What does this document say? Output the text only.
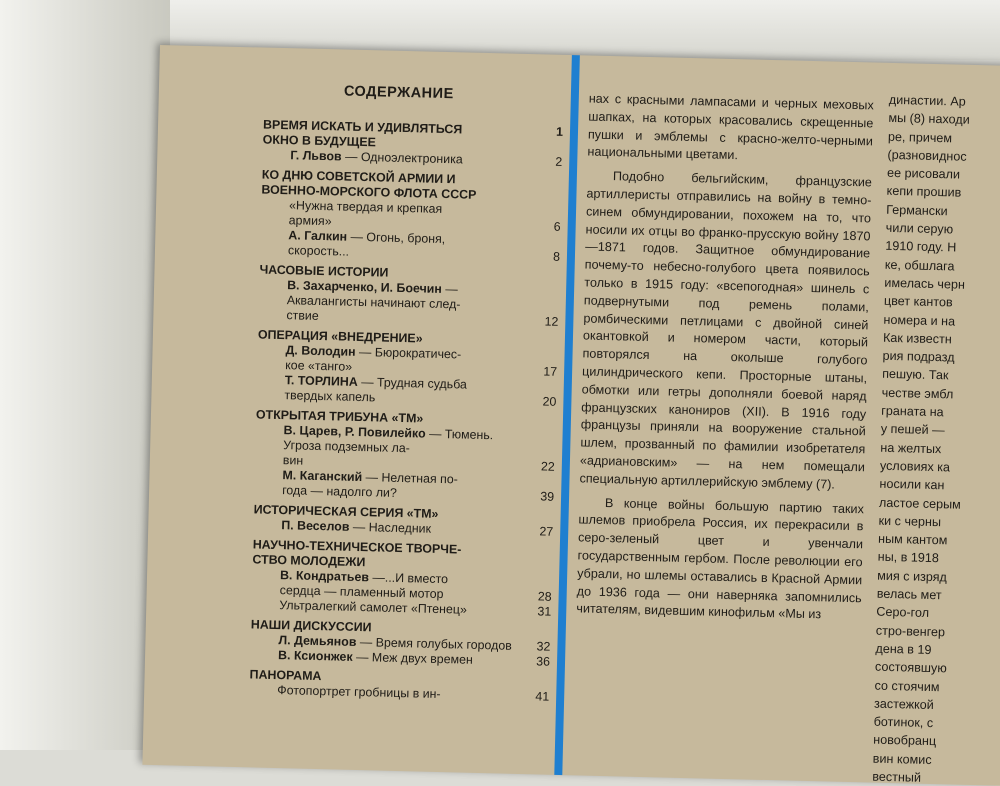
СОДЕРЖАНИЕ
ВРЕМЯ ИСКАТЬ И УДИВЛЯТЬСЯ	1
ОКНО В БУДУЩЕЕ
Г. Львов — Одноэлектроника	2
КО ДНЮ СОВЕТСКОЙ АРМИИ И
ВОЕННО-МОРСКОГО ФЛОТА СССР
«Нужна твердая и крепкая
армия»	6
А. Галкин — Огонь, броня,
скорость...	8
ЧАСОВЫЕ ИСТОРИИ
В. Захарченко, И. Боечин —
Аквалангисты начинают след-
ствие	12
ОПЕРАЦИЯ «ВНЕДРЕНИЕ»
Д. Володин — Бюрократичес-
кое «танго»	17
Т. ТОРЛИНА — Трудная судьба
твердых капель	20
ОТКРЫТАЯ ТРИБУНА «ТМ»
В. Царев, Р. Повилейко — Тюмень. Угроза подземных ла-
вин	22
М. Каганский — Нелетная по-
года — надолго ли?	39
ИСТОРИЧЕСКАЯ СЕРИЯ «ТМ»
П. Веселов — Наследник	27
НАУЧНО-ТЕХНИЧЕСКОЕ ТВОРЧЕ-
СТВО МОЛОДЕЖИ
В. Кондратьев —...И вместо
сердца — пламенный мотор	28
Ультралегкий самолет «Птенец»	31
НАШИ ДИСКУССИИ
Л. Демьянов — Время голубых городов	32
В. Ксионжек — Меж двух времен	36
ПАНОРАМА
Фотопортрет гробницы в ин-	41

нах с красными лампасами и черных меховых шапках, на которых красовались скрещенные пушки и эмблемы с красно-желто-черными национальными цветами.

Подобно бельгийским, французские артиллеристы отправились на войну в темно-синем обмундировании, похожем на то, что носили их отцы во франко-прусскую войну 1870—1871 годов. Защитное обмундирование почему-то небесно-голубого цвета появилось только в 1915 году: «всепогодная» шинель с подвернутыми под ремень полами, ромбическими петлицами с двойной синей окантовкой и номером части, который повторялся на околыше голубого цилиндрического кепи. Просторные штаны, обмотки или гетры дополняли боевой наряд французских канониров (XII). В 1916 году французы приняли на вооружение стальной шлем, прозванный по фамилии изобретателя «адриановским» — на нем помещали специальную артиллерийскую эмблему (7).

В конце войны большую партию таких шлемов приобрела Россия, их перекрасили в серо-зеленый цвет и увенчали государственным гербом. После революции его убрали, но шлемы оставались в Красной Армии до 1936 года — они наверняка запомнились читателям, видевшим кинофильм «Мы из

династии. Ар
мы (8) находи
ре, причем
(разновиднос
ее рисовали
кепи прошив
Германски
чили серую
1910 году. Н
ке, обшлага
имелась черн
цвет кантов
номера и на
Как известн
рия подразд
пешую. Так
честве эмбл
граната на
у пешей —
на желтых
условиях ка
носили кан
ластое серым
ки с черны
ным кантом
ны, в 1918
мия с изряд
велась мет
Серо-гол
стро-венгер
дена в 19
состоявшую
со стоячим
застежкой
ботинок, с
новобранц
вин комис
вестный
